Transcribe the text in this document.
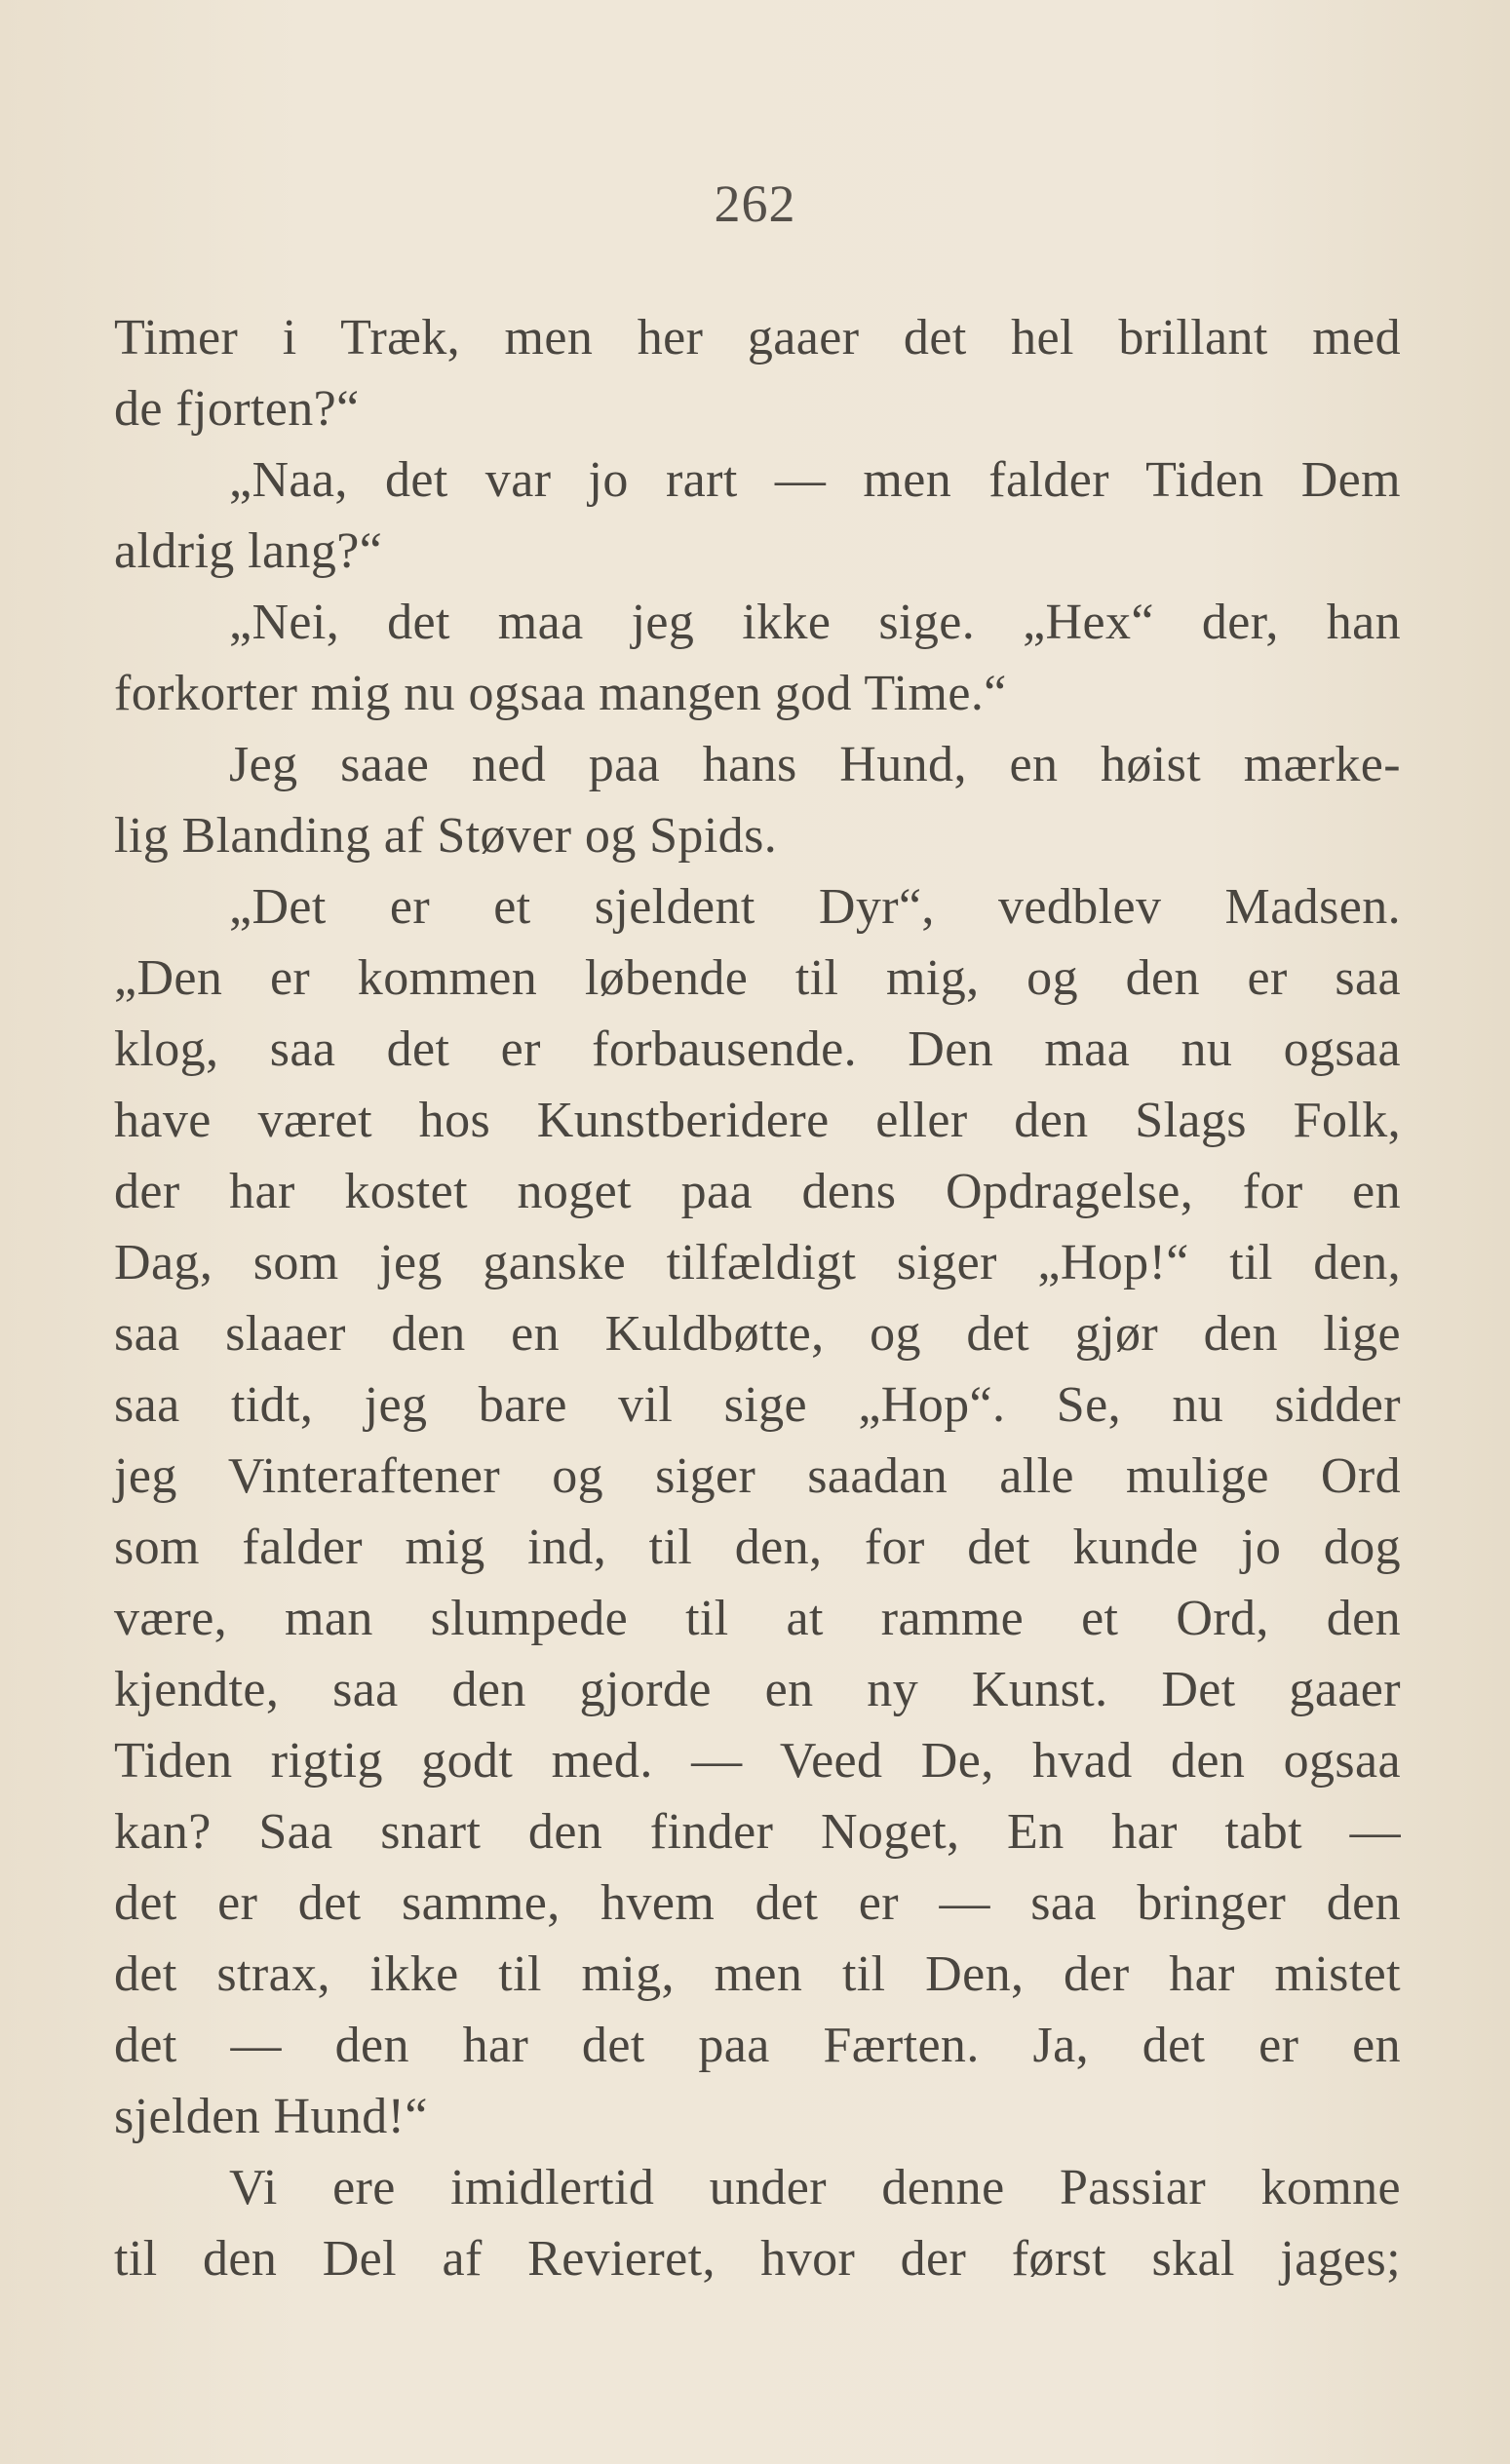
262
Timer i Træk, men her gaaer det hel brillant med
de fjorten?“
„Naa, det var jo rart — men falder Tiden Dem
aldrig lang?“
„Nei, det maa jeg ikke sige. „Hex“ der, han
forkorter mig nu ogsaa mangen god Time.“
Jeg saae ned paa hans Hund, en høist mærke-
lig Blanding af Støver og Spids.
„Det er et sjeldent Dyr“, vedblev Madsen.
„Den er kommen løbende til mig, og den er saa
klog, saa det er forbausende. Den maa nu ogsaa
have været hos Kunstberidere eller den Slags Folk,
der har kostet noget paa dens Opdragelse, for en
Dag, som jeg ganske tilfældigt siger „Hop!“ til den,
saa slaaer den en Kuldbøtte, og det gjør den lige
saa tidt, jeg bare vil sige „Hop“. Se, nu sidder
jeg Vinteraftener og siger saadan alle mulige Ord
som falder mig ind, til den, for det kunde jo dog
være, man slumpede til at ramme et Ord, den
kjendte, saa den gjorde en ny Kunst. Det gaaer
Tiden rigtig godt med. — Veed De, hvad den ogsaa
kan? Saa snart den finder Noget, En har tabt —
det er det samme, hvem det er — saa bringer den
det strax, ikke til mig, men til Den, der har mistet
det — den har det paa Færten. Ja, det er en
sjelden Hund!“
Vi ere imidlertid under denne Passiar komne
til den Del af Revieret, hvor der først skal jages;
